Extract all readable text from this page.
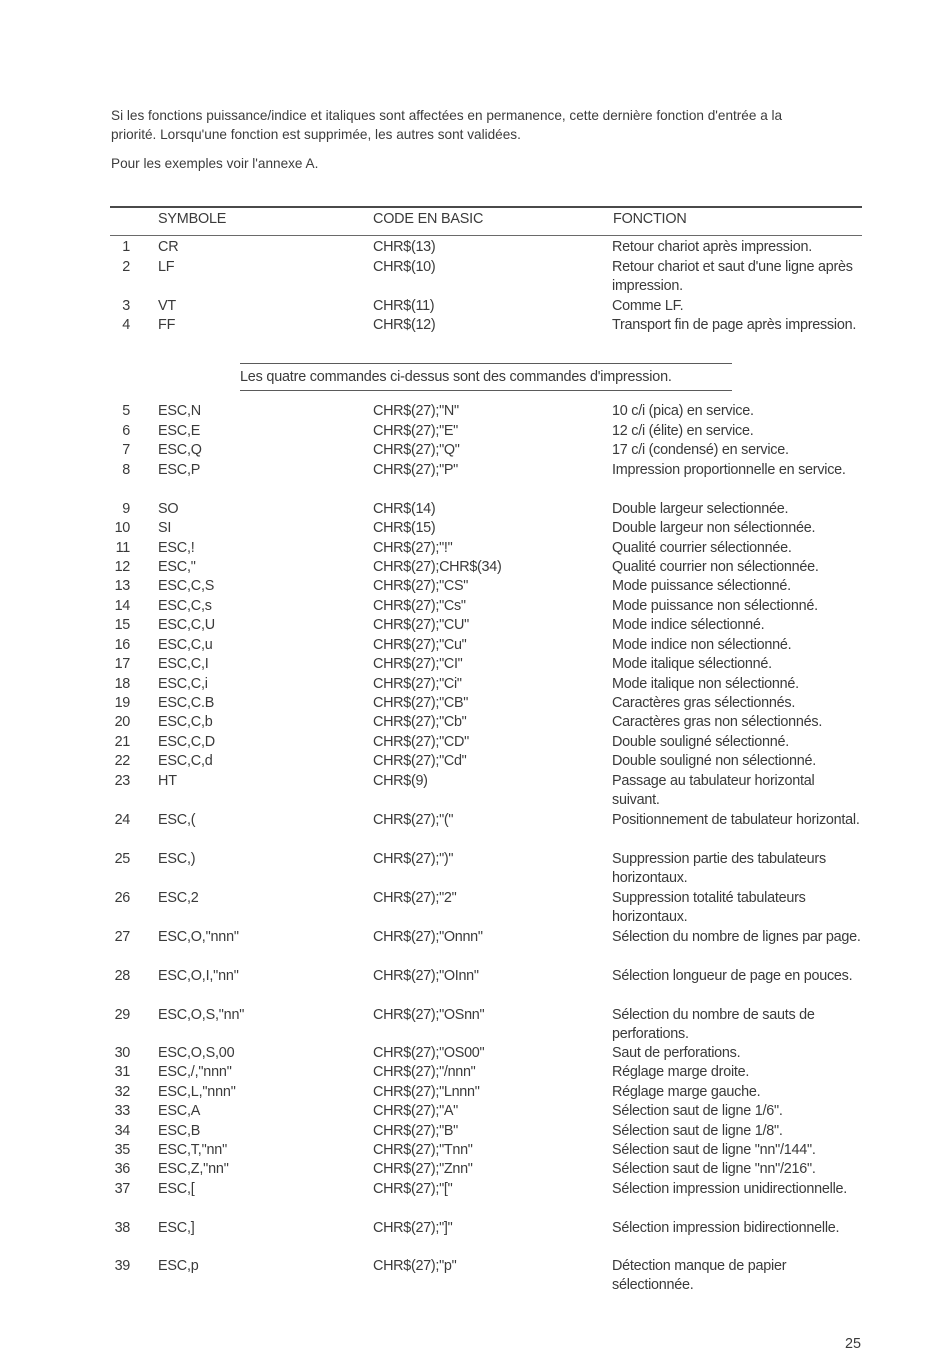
Si les fonctions puissance/indice et italiques sont affectées en permanence, cette dernière fonction d'entrée a la priorité. Lorsqu'une fonction est supprimée, les autres sont validées.

Pour les exemples voir l'annexe A.

SYMBOLE	CODE EN BASIC	FONCTION
Les quatre commandes ci-dessus sont des commandes d'impression.
1 CR	CHR$(13)	Retour chariot après impression.
2 LF	CHR$(10)	Retour chariot et saut d'une ligne après impression.
3 VT	CHR$(11)	Comme LF.
4 FF	CHR$(12)	Transport fin de page après impression.
5 ESC,N	CHR$(27);"N"	10 c/i (pica) en service.
6 ESC,E	CHR$(27);"E"	12 c/i (élite) en service.
7 ESC,Q	CHR$(27);"Q"	17 c/i (condensé) en service.
8 ESC,P	CHR$(27);"P"	Impression proportionnelle en service.
9 SO	CHR$(14)	Double largeur selectionnée.
10 SI	CHR$(15)	Double largeur non sélectionnée.
11 ESC,!	CHR$(27);"!"	Qualité courrier sélectionnée.
12 ESC,"	CHR$(27);CHR$(34)	Qualité courrier non sélectionnée.
13 ESC,C,S	CHR$(27);"CS"	Mode puissance sélectionné.
14 ESC,C,s	CHR$(27);"Cs"	Mode puissance non sélectionné.
15 ESC,C,U	CHR$(27);"CU"	Mode indice sélectionné.
16 ESC,C,u	CHR$(27);"Cu"	Mode indice non sélectionné.
17 ESC,C,I	CHR$(27);"CI"	Mode italique sélectionné.
18 ESC,C,i	CHR$(27);"Ci"	Mode italique non sélectionné.
19 ESC,C.B	CHR$(27);"CB"	Caractères gras sélectionnés.
20 ESC,C,b	CHR$(27);"Cb"	Caractères gras non sélectionnés.
21 ESC,C,D	CHR$(27);"CD"	Double souligné sélectionné.
22 ESC,C,d	CHR$(27);"Cd"	Double souligné non sélectionné.
23 HT	CHR$(9)	Passage au tabulateur horizontal suivant.
24 ESC,(	CHR$(27);"("	Positionnement de tabulateur horizontal.
25 ESC,)	CHR$(27);")"	Suppression partie des tabulateurs horizontaux.
26 ESC,2	CHR$(27);"2"	Suppression totalité tabulateurs horizontaux.
27 ESC,O,"nnn"	CHR$(27);"Onnn"	Sélection du nombre de lignes par page.
28 ESC,O,I,"nn"	CHR$(27);"OInn"	Sélection longueur de page en pouces.
29 ESC,O,S,"nn"	CHR$(27);"OSnn"	Sélection du nombre de sauts de perforations.
30 ESC,O,S,00	CHR$(27);"OS00"	Saut de perforations.
31 ESC,/,"nnn"	CHR$(27);"/nnn"	Réglage marge droite.
32 ESC,L,"nnn"	CHR$(27);"Lnnn"	Réglage marge gauche.
33 ESC,A	CHR$(27);"A"	Sélection saut de ligne 1/6".
34 ESC,B	CHR$(27);"B"	Sélection saut de ligne 1/8".
35 ESC,T,"nn"	CHR$(27);"Tnn"	Sélection saut de ligne "nn"/144".
36 ESC,Z,"nn"	CHR$(27);"Znn"	Sélection saut de ligne "nn"/216".
37 ESC,[	CHR$(27);"["	Sélection impression unidirectionnelle.
38 ESC,]	CHR$(27);"]"	Sélection impression bidirectionnelle.
39 ESC,p	CHR$(27);"p"	Détection manque de papier sélectionnée.
25
